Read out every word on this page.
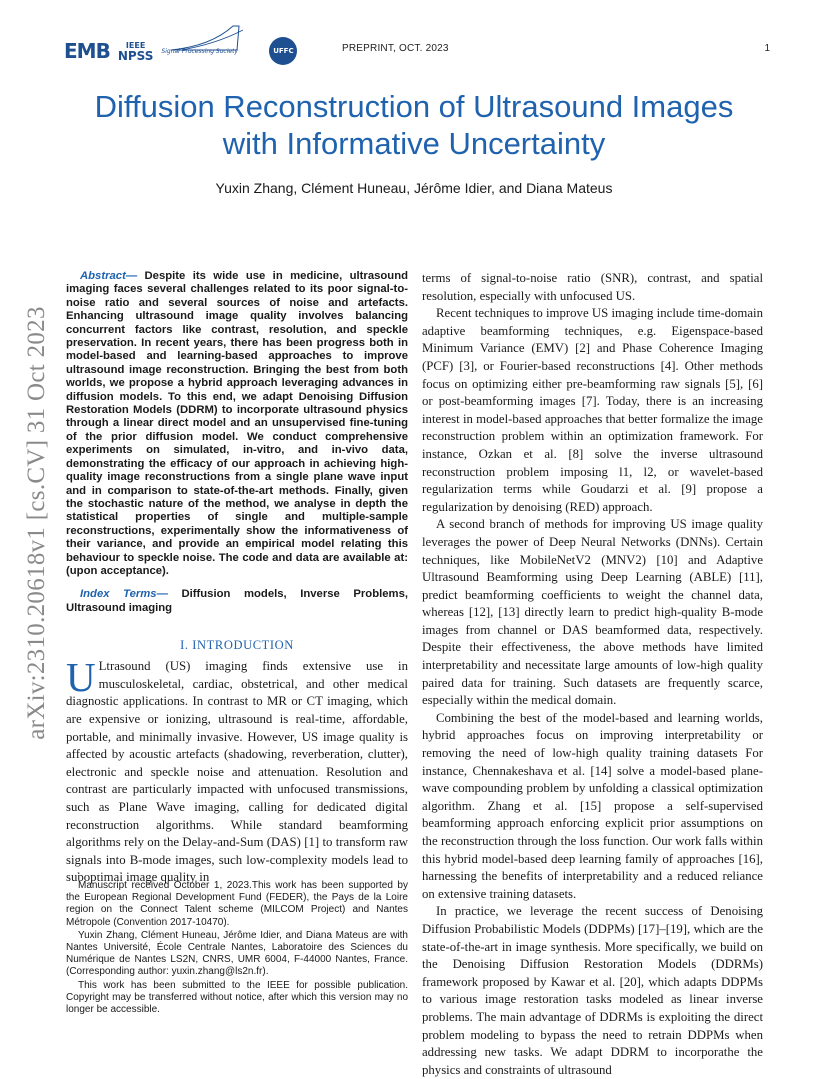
EMB	IEEE
NPSS Signal Processing Society	UFFC	PREPRINT, OCT. 2023	1
Diffusion Reconstruction of Ultrasound Images
with Informative Uncertainty
Yuxin Zhang, Clément Huneau, Jérôme Idier, and Diana Mateus
arXiv:2310.20618v1 [cs.CV] 31 Oct 2023

Abstract— Despite its wide use in medicine, ultrasound imaging faces several challenges related to its poor signal-to-noise ratio and several sources of noise and artefacts. Enhancing ultrasound image quality involves balancing concurrent factors like contrast, resolution, and speckle preservation. In recent years, there has been progress both in model-based and learning-based approaches to improve ultrasound image reconstruction. Bringing the best from both worlds, we propose a hybrid approach leveraging advances in diffusion models. To this end, we adapt Denoising Diffusion Restoration Models (DDRM) to incorporate ultrasound physics through a linear direct model and an unsupervised fine-tuning of the prior diffusion model. We conduct comprehensive experiments on simulated, in-vitro, and in-vivo data, demonstrating the efficacy of our approach in achieving high-quality image reconstructions from a single plane wave input and in comparison to state-of-the-art methods. Finally, given the stochastic nature of the method, we analyse in depth the statistical properties of single and multiple-sample reconstructions, experimentally show the informativeness of their variance, and provide an empirical model relating this behaviour to speckle noise. The code and data are available at: (upon acceptance).

Index Terms— Diffusion models, Inverse Problems, Ultrasound imaging

I. INTRODUCTION

U Ltrasound (US) imaging finds extensive use in musculoskeletal, cardiac, obstetrical, and other medical diagnostic applications. In contrast to MR or CT imaging, which are expensive or ionizing, ultrasound is real-time, affordable, portable, and minimally invasive. However, US image quality is affected by acoustic artefacts (shadowing, reverberation, clutter), electronic and speckle noise and attenuation. Resolution and contrast are particularly impacted with unfocused transmissions, such as Plane Wave imaging, calling for dedicated digital reconstruction algorithms. While standard beamforming algorithms rely on the Delay-and-Sum (DAS) [1] to transform raw signals into B-mode images, such low-complexity models lead to suboptimal image quality in

Manuscript received October 1, 2023.This work has been supported by the European Regional Development Fund (FEDER), the Pays de la Loire region on the Connect Talent scheme (MILCOM Project) and Nantes Métropole (Convention 2017-10470).

Yuxin Zhang, Clément Huneau, Jérôme Idier, and Diana Mateus are with Nantes Université, École Centrale Nantes, Laboratoire des Sciences du Numérique de Nantes LS2N, CNRS, UMR 6004, F-44000 Nantes, France. (Corresponding author: yuxin.zhang@ls2n.fr).

This work has been submitted to the IEEE for possible publication. Copyright may be transferred without notice, after which this version may no longer be accessible.

terms of signal-to-noise ratio (SNR), contrast, and spatial resolution, especially with unfocused US.

Recent techniques to improve US imaging include time-domain adaptive beamforming techniques, e.g. Eigenspace-based Minimum Variance (EMV) [2] and Phase Coherence Imaging (PCF) [3], or Fourier-based reconstructions [4]. Other methods focus on optimizing either pre-beamforming raw signals [5], [6] or post-beamforming images [7]. Today, there is an increasing interest in model-based approaches that better formalize the image reconstruction problem within an optimization framework. For instance, Ozkan et al. [8] solve the inverse ultrasound reconstruction problem imposing l1, l2, or wavelet-based regularization terms while Goudarzi et al. [9] propose a regularization by denoising (RED) approach.

A second branch of methods for improving US image quality leverages the power of Deep Neural Networks (DNNs). Certain techniques, like MobileNetV2 (MNV2) [10] and Adaptive Ultrasound Beamforming using Deep Learning (ABLE) [11], predict beamforming coefficients to weight the channel data, whereas [12], [13] directly learn to predict high-quality B-mode images from channel or DAS beamformed data, respectively. Despite their effectiveness, the above methods have limited interpretability and necessitate large amounts of low-high quality paired data for training. Such datasets are frequently scarce, especially within the medical domain.

Combining the best of the model-based and learning worlds, hybrid approaches focus on improving interpretability or removing the need of low-high quality training datasets For instance, Chennakeshava et al. [14] solve a model-based plane-wave compounding problem by unfolding a classical optimization algorithm. Zhang et al. [15] propose a self-supervised beamforming approach enforcing explicit prior assumptions on the reconstruction through the loss function. Our work falls within this hybrid model-based deep learning family of approaches [16], harnessing the benefits of interpretability and a reduced reliance on extensive training datasets.

In practice, we leverage the recent success of Denoising Diffusion Probabilistic Models (DDPMs) [17]–[19], which are the state-of-the-art in image synthesis. More specifically, we build on the Denoising Diffusion Restoration Models (DDRMs) framework proposed by Kawar et al. [20], which adapts DDPMs to various image restoration tasks modeled as linear inverse problems. The main advantage of DDRMs is exploiting the direct problem modeling to bypass the need to retrain DDPMs when addressing new tasks. We adapt DDRM to incorporathe the physics and constraints of ultrasound
